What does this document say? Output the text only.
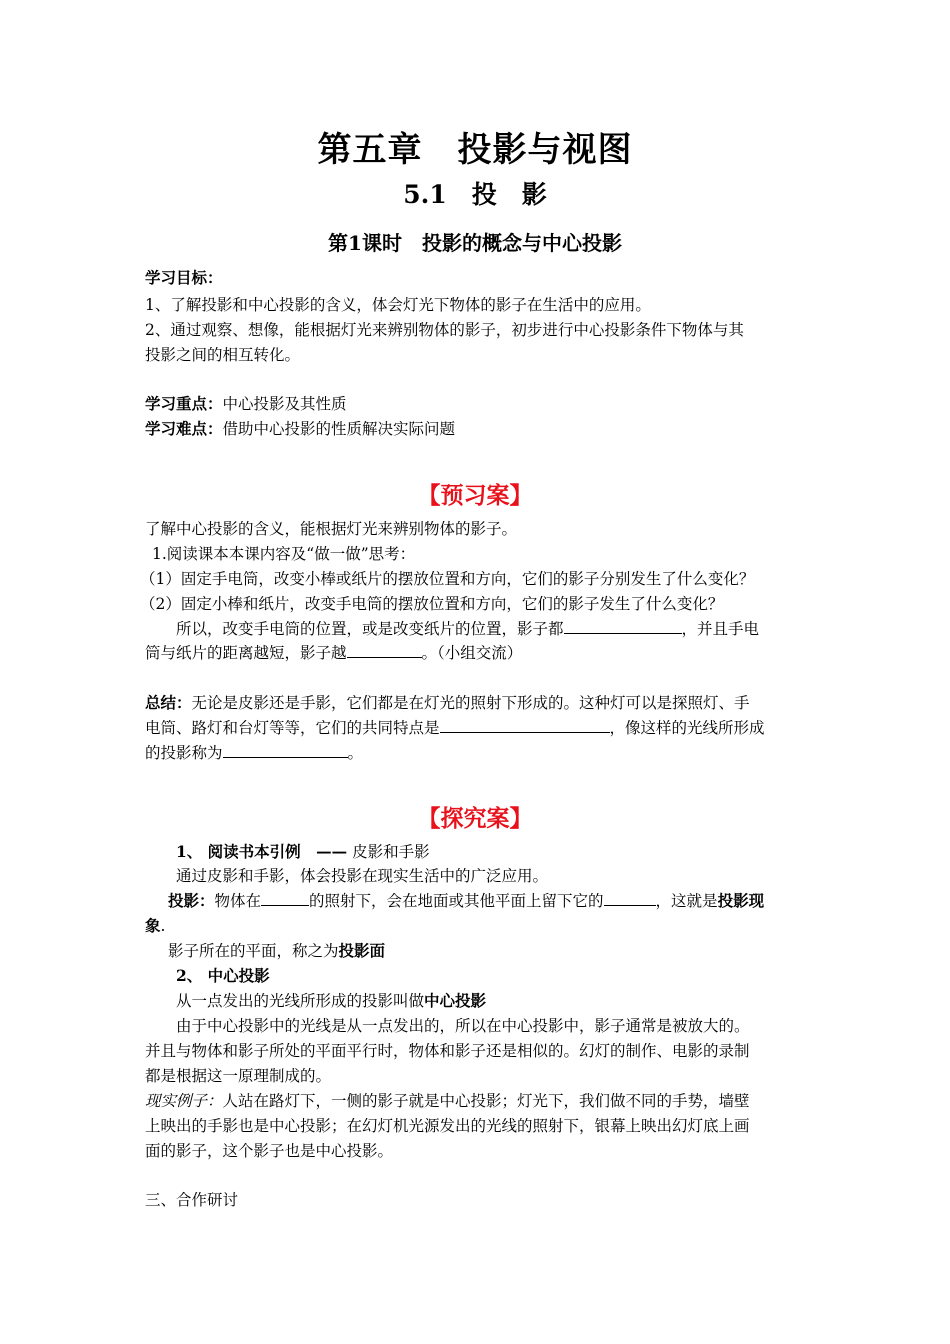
第五章　投影与视图
5.1　投　影
第1课时　投影的概念与中心投影
学习目标：
1、了解投影和中心投影的含义，体会灯光下物体的影子在生活中的应用。
2、通过观察、想像，能根据灯光来辨别物体的影子，初步进行中心投影条件下物体与其
投影之间的相互转化。
学习重点：中心投影及其性质
学习难点：借助中心投影的性质解决实际问题
【预习案】
了解中心投影的含义，能根据灯光来辨别物体的影子。
1.阅读课本本课内容及“做一做”思考：
（1）固定手电筒，改变小棒或纸片的摆放位置和方向，它们的影子分别发生了什么变化？
（2）固定小棒和纸片，改变手电筒的摆放位置和方向，它们的影子发生了什么变化？
所以，改变手电筒的位置，或是改变纸片的位置，影子都	，并且手电
筒与纸片的距离越短，影子越	。（小组交流）
总结：无论是皮影还是手影，它们都是在灯光的照射下形成的。这种灯可以是探照灯、手
电筒、路灯和台灯等等，它们的共同特点是	，像这样的光线所形成
的投影称为	。
【探究案】
1、 阅读书本引例　—— 皮影和手影
通过皮影和手影，体会投影在现实生活中的广泛应用。
投影：物体在	的照射下，会在地面或其他平面上留下它的	，这就是投影现
象.
影子所在的平面，称之为投影面
2、 中心投影
从一点发出的光线所形成的投影叫做中心投影
由于中心投影中的光线是从一点发出的，所以在中心投影中，影子通常是被放大的。
并且与物体和影子所处的平面平行时，物体和影子还是相似的。幻灯的制作、电影的录制
都是根据这一原理制成的。
现实例子：人站在路灯下，一侧的影子就是中心投影；灯光下，我们做不同的手势，墙壁
上映出的手影也是中心投影；在幻灯机光源发出的光线的照射下，银幕上映出幻灯底上画
面的影子，这个影子也是中心投影。
三、合作研讨
